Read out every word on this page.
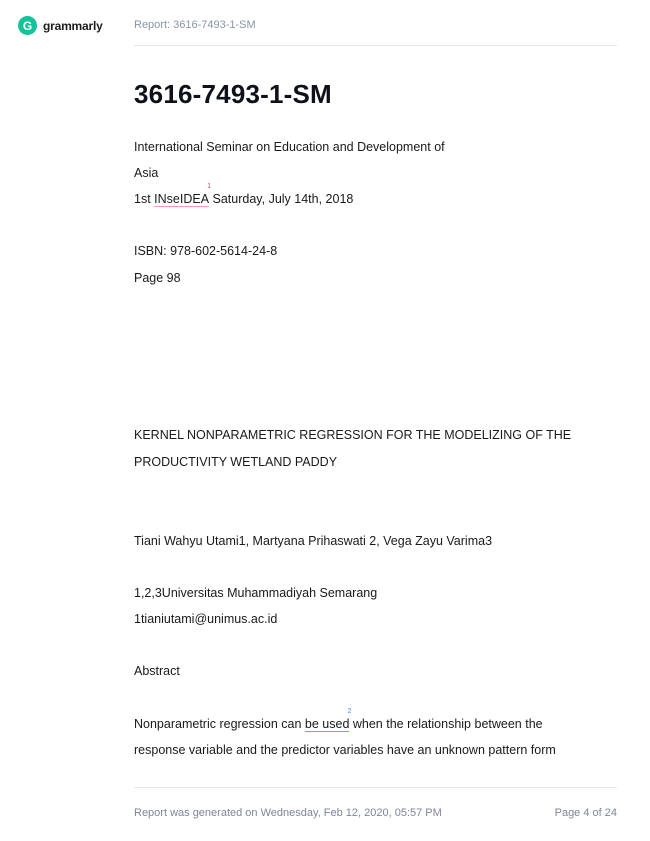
G grammarly	Report: 3616-7493-1-SM
3616-7493-1-SM
International Seminar on Education and Development of
Asia
1st INseIDEA
1
Saturday, July 14th, 2018
ISBN: 978-602-5614-24-8
Page 98
KERNEL NONPARAMETRIC REGRESSION FOR THE MODELIZING OF THE
PRODUCTIVITY WETLAND PADDY
Tiani Wahyu Utami1, Martyana Prihaswati 2, Vega Zayu Varima3
1,2,3Universitas Muhammadiyah Semarang
1tianiutami@unimus.ac.id
Abstract
Nonparametric regression can be used
2
when the relationship between the
response variable and the predictor variables have an unknown pattern form
Report was generated on Wednesday, Feb 12, 2020, 05:57 PM	Page 4 of 24
